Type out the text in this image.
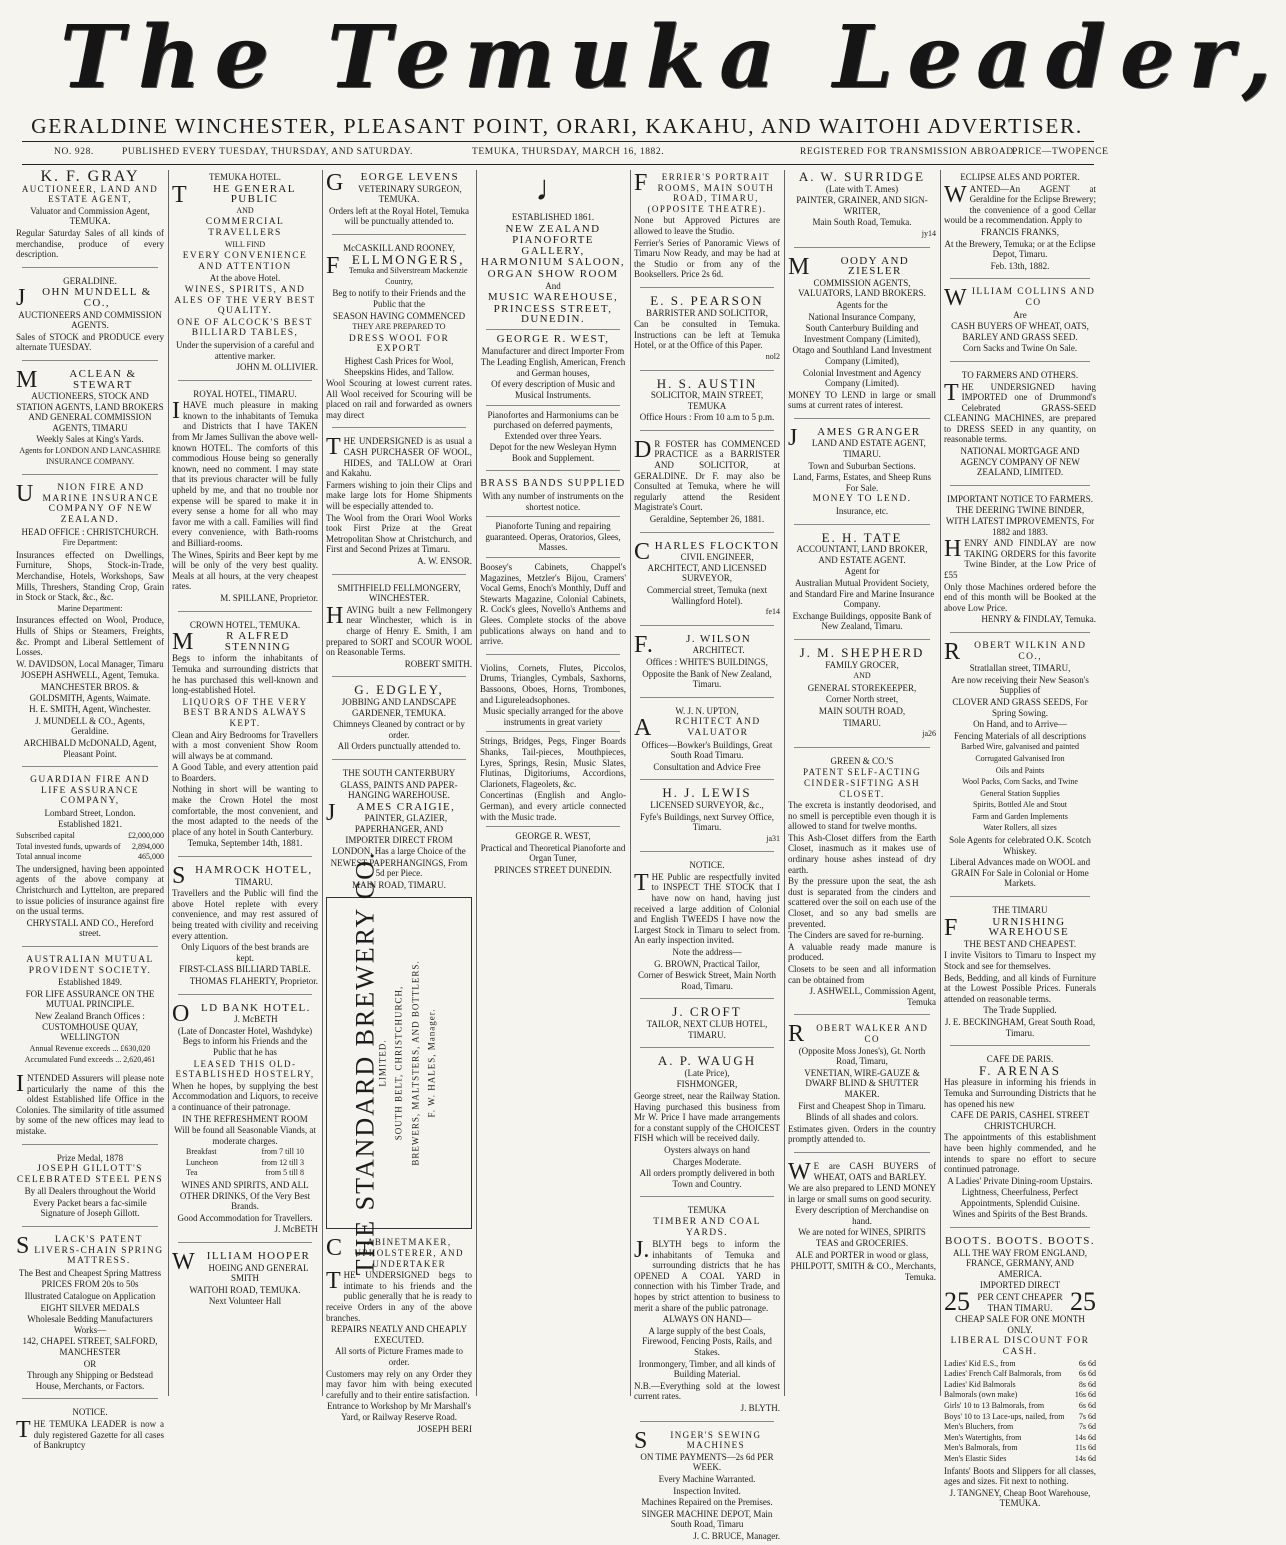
The Temuka Leader,
GERALDINE WINCHESTER, PLEASANT POINT, ORARI, KAKAHU, AND WAITOHI ADVERTISER.
NO. 928.	PUBLISHED EVERY TUESDAY, THURSDAY, AND SATURDAY.	TEMUKA, THURSDAY, MARCH 16, 1882.	REGISTERED FOR TRANSMISSION ABROAD.
PRICE—TWOPENCE

K. F. GRAY

AUCTIONEER, LAND AND ESTATE AGENT,

Valuator and Commission Agent, TEMUKA.

Regular Saturday Sales of all kinds of merchandise, produce of every description.

GERALDINE.

JOHN MUNDELL & CO.,

AUCTIONEERS AND COMMISSION AGENTS.

Sales of STOCK and PRODUCE every alternate TUESDAY.

MACLEAN & STEWART

AUCTIONEERS, STOCK AND STATION AGENTS, LAND BROKERS AND GENERAL COMMISSION AGENTS, TIMARU

Weekly Sales at King's Yards.

Agents for LONDON AND LANCASHIRE INSURANCE COMPANY.

UNION FIRE AND MARINE INSURANCE COMPANY OF NEW ZEALAND.

HEAD OFFICE : CHRISTCHURCH.

Fire Department:

Insurances effected on Dwellings, Furniture, Shops, Stock-in-Trade, Merchandise, Hotels, Workshops, Saw Mills, Threshers, Standing Crop, Grain in Stock or Stack, &c., &c.

Marine Department:

Insurances effected on Wool, Produce, Hulls of Ships or Steamers, Freights, &c. Prompt and Liberal Settlement of Losses.

W. DAVIDSON, Local Manager, Timaru

JOSEPH ASHWELL, Agent, Temuka.

MANCHESTER BROS. & GOLDSMITH, Agents, Waimate.

H. E. SMITH, Agent, Winchester.

J. MUNDELL & CO., Agents, Geraldine.

ARCHIBALD McDONALD, Agent, Pleasant Point.

GUARDIAN FIRE AND LIFE ASSURANCE COMPANY,

Lombard Street, London.

Established 1821.

Subscribed capital	£2,000,000
Total invested funds, upwards of 2,894,000
Total annual income	465,000

The undersigned, having been appointed agents of the above company at Christchurch and Lyttelton, are prepared to issue policies of insurance against fire on the usual terms.

CHRYSTALL AND CO., Hereford street.

AUSTRALIAN MUTUAL PROVIDENT SOCIETY.

Established 1849.

FOR LIFE ASSURANCE ON THE MUTUAL PRINCIPLE.

New Zealand Branch Offices : CUSTOMHOUSE QUAY, WELLINGTON

Annual Revenue exceeds ... £630,020

Accumulated Fund exceeds ... 2,620,461

INTENDED Assurers will please note particularly the name of this the oldest Established life Office in the Colonies. The similarity of title assumed by some of the new offices may lead to mistake.

Prize Medal, 1878

JOSEPH GILLOTT'S CELEBRATED STEEL PENS

By all Dealers throughout the World

Every Packet bears a fac-simile Signature of Joseph Gillott.

SLACK'S PATENT LIVERS-CHAIN SPRING MATTRESS.

The Best and Cheapest Spring Mattress

PRICES FROM 20s to 50s

Illustrated Catalogue on Application

EIGHT SILVER MEDALS

Wholesale Bedding Manufacturers Works—

142, CHAPEL STREET, SALFORD, MANCHESTER

OR

Through any Shipping or Bedstead House, Merchants, or Factors.

NOTICE.

THE TEMUKA LEADER is now a duly registered Gazette for all cases of Bankruptcy

TEMUKA HOTEL.

THE GENERAL PUBLIC

AND

COMMERCIAL TRAVELLERS

WILL FIND

EVERY CONVENIENCE AND ATTENTION

At the above Hotel.

WINES, SPIRITS, AND ALES OF THE VERY BEST QUALITY.

ONE OF ALCOCK'S BEST BILLIARD TABLES,

Under the supervision of a careful and attentive marker.

JOHN M. OLLIVIER.

ROYAL HOTEL, TIMARU.

IHAVE much pleasure in making known to the inhabitants of Temuka and Districts that I have TAKEN from Mr James Sullivan the above well-known HOTEL. The comforts of this commodious House being so generally known, need no comment. I may state that its previous character will be fully upheld by me, and that no trouble nor expense will be spared to make it in every sense a home for all who may favor me with a call. Families will find every convenience, with Bath-rooms and Billiard-rooms.

The Wines, Spirits and Beer kept by me will be only of the very best quality. Meals at all hours, at the very cheapest rates.

M. SPILLANE, Proprietor.

CROWN HOTEL, TEMUKA.

MR ALFRED STENNING

Begs to inform the inhabitants of Temuka and surrounding districts that he has purchased this well-known and long-established Hotel.

LIQUORS OF THE VERY BEST BRANDS ALWAYS KEPT.

Clean and Airy Bedrooms for Travellers with a most convenient Show Room will always be at command.

A Good Table, and every attention paid to Boarders.

Nothing in short will be wanting to make the Crown Hotel the most comfortable, the most convenient, and the most adapted to the needs of the place of any hotel in South Canterbury.

Temuka, September 14th, 1881.

SHAMROCK HOTEL,

TIMARU.

Travellers and the Public will find the above Hotel replete with every convenience, and may rest assured of being treated with civility and receiving every attention.

Only Liquors of the best brands are kept.

FIRST-CLASS BILLIARD TABLE.

THOMAS FLAHERTY, Proprietor.

OLD BANK HOTEL.

J. McBETH

(Late of Doncaster Hotel, Washdyke) Begs to inform his Friends and the Public that he has

LEASED THIS OLD-ESTABLISHED HOSTELRY,

When he hopes, by supplying the best Accommodation and Liquors, to receive a continuance of their patronage.

IN THE REFRESHMENT ROOM

Will be found all Seasonable Viands, at moderate charges.

Breakfast	from 7 till 10
Luncheon	from 12 till 3
Tea	from 5 till 8

WINES AND SPIRITS, AND ALL OTHER DRINKS, Of the Very Best Brands.

Good Accommodation for Travellers.

J. McBETH

WILLIAM HOOPER

HOEING AND GENERAL SMITH

WAITOHI ROAD, TEMUKA.

Next Volunteer Hall

GEORGE LEVENS

VETERINARY SURGEON, TEMUKA.

Orders left at the Royal Hotel, Temuka will be punctually attended to.

McCASKILL AND ROONEY,

FELLMONGERS,

Temuka and Silverstream Mackenzie Country,

Beg to notify to their Friends and the Public that the

SEASON HAVING COMMENCED

THEY ARE PREPARED TO

DRESS WOOL FOR EXPORT

Highest Cash Prices for Wool, Sheepskins Hides, and Tallow.

Wool Scouring at lowest current rates. All Wool received for Scouring will be placed on rail and forwarded as owners may direct

THE UNDERSIGNED is as usual a CASH PURCHASER OF WOOL, HIDES, and TALLOW at Orari and Kakahu.

Farmers wishing to join their Clips and make large lots for Home Shipments will be especially attended to.

The Wool from the Orari Wool Works took First Prize at the Great Metropolitan Show at Christchurch, and First and Second Prizes at Timaru.

A. W. ENSOR.

SMITHFIELD FELLMONGERY, WINCHESTER.

HAVING built a new Fellmongery near Winchester, which is in charge of Henry E. Smith, I am prepared to SORT and SCOUR WOOL on Reasonable Terms.

ROBERT SMITH.

G. EDGLEY,

JOBBING AND LANDSCAPE GARDENER, TEMUKA.

Chimneys Cleaned by contract or by order.

All Orders punctually attended to.

THE SOUTH CANTERBURY

GLASS, PAINTS AND PAPER-HANGING WAREHOUSE.

JAMES CRAIGIE,

PAINTER, GLAZIER, PAPERHANGER, AND

IMPORTER DIRECT FROM LONDON, Has a large Choice of the

NEWEST PAPERHANGINGS, From 5d per Piece.

MAIN ROAD, TIMARU.

THE STANDARD BREWERY CO.
LIMITED. SOUTH BELT, CHRISTCHURCH, BREWERS, MALTSTERS, AND BOTTLERS. F. W. HALES, Manager.

CABINETMAKER, UPHOLSTERER, AND UNDERTAKER

THE UNDERSIGNED begs to intimate to his friends and the public generally that he is ready to receive Orders in any of the above branches.

REPAIRS NEATLY AND CHEAPLY EXECUTED.

All sorts of Picture Frames made to order.

Customers may rely on any Order they may favor him with being executed carefully and to their entire satisfaction.

Entrance to Workshop by Mr Marshall's Yard, or Railway Reserve Road.

JOSEPH BERI

♩

ESTABLISHED 1861.

NEW ZEALAND

PIANOFORTE GALLERY,

HARMONIUM SALOON,

ORGAN SHOW ROOM

And

MUSIC WAREHOUSE,

PRINCESS STREET, DUNEDIN.

GEORGE R. WEST,

Manufacturer and direct Importer From

The Leading English, American, French and German houses,

Of every description of Music and Musical Instruments.

Pianofortes and Harmoniums can be purchased on deferred payments, Extended over three Years.

Depot for the new Wesleyan Hymn Book and Supplement.

BRASS BANDS SUPPLIED

With any number of instruments on the shortest notice.

Pianoforte Tuning and repairing guaranteed. Operas, Oratorios, Glees, Masses.

Boosey's Cabinets, Chappel's Magazines, Metzler's Bijou, Cramers' Vocal Gems, Enoch's Monthly, Duff and Stewarts Magazine, Colonial Cabinets, R. Cock's glees, Novello's Anthems and Glees. Complete stocks of the above publications always on hand and to arrive.

Violins, Cornets, Flutes, Piccolos, Drums, Triangles, Cymbals, Saxhorns, Bassoons, Oboes, Horns, Trombones, and Ligureleadsophones.

Music specially arranged for the above instruments in great variety

Strings, Bridges, Pegs, Finger Boards Shanks, Tail-pieces, Mouthpieces, Lyres, Springs, Resin, Music Slates, Flutinas, Digitoriums, Accordions, Clarionets, Flageolets, &c.

Concertinas (English and Anglo-German), and every article connected with the Music trade.

GEORGE R. WEST,

Practical and Theoretical Pianoforte and Organ Tuner,

PRINCES STREET DUNEDIN.

FERRIER'S PORTRAIT ROOMS, MAIN SOUTH ROAD, TIMARU, (OPPOSITE THEATRE).

None but Approved Pictures are allowed to leave the Studio.

Ferrier's Series of Panoramic Views of Timaru Now Ready, and may be had at the Studio or from any of the Booksellers. Price 2s 6d.

E. S. PEARSON

BARRISTER AND SOLICITOR,

Can be consulted in Temuka. Instructions can be left at Temuka Hotel, or at the Office of this Paper.

nol2

H. S. AUSTIN

SOLICITOR, MAIN STREET, TEMUKA

Office Hours : From 10 a.m to 5 p.m.

DR FOSTER has COMMENCED PRACTICE as a BARRISTER AND SOLICITOR, at GERALDINE. Dr F. may also be Consulted at Temuka, where he will regularly attend the Resident Magistrate's Court.

Geraldine, September 26, 1881.

CHARLES FLOCKTON

CIVIL ENGINEER, ARCHITECT, AND LICENSED SURVEYOR,

Commercial street, Temuka (next Wallingford Hotel).

fe14

F.J. WILSON

ARCHITECT.

Offices : WHITE'S BUILDINGS,

Opposite the Bank of New Zealand, Timaru.

W. J. N. UPTON,

ARCHITECT AND VALUATOR

Offices—Bowker's Buildings, Great South Road Timaru.

Consultation and Advice Free

H. J. LEWIS

LICENSED SURVEYOR, &c.,

Fyfe's Buildings, next Survey Office, Timaru.

ja31

NOTICE.

THE Public are respectfully invited to INSPECT THE STOCK that I have now on hand, having just received a large addition of Colonial and English TWEEDS I have now the Largest Stock in Timaru to select from. An early inspection invited.

Note the address—

G. BROWN, Practical Tailor,

Corner of Beswick Street, Main North Road, Timaru.

J. CROFT

TAILOR, NEXT CLUB HOTEL, TIMARU.

A. P. WAUGH

(Late Price),

FISHMONGER,

George street, near the Railway Station. Having purchased this business from Mr W. Price I have made arrangements for a constant supply of the CHOICEST FISH which will be received daily.

Oysters always on hand

Charges Moderate.

All orders promptly delivered in both Town and Country.

TEMUKA

TIMBER AND COAL YARDS.

J.BLYTH begs to inform the inhabitants of Temuka and surrounding districts that he has OPENED A COAL YARD in connection with his Timber Trade, and hopes by strict attention to business to merit a share of the public patronage.

ALWAYS ON HAND—

A large supply of the best Coals, Firewood, Fencing Posts, Rails, and Stakes.

Ironmongery, Timber, and all kinds of Building Material.

N.B.—Everything sold at the lowest current rates.

J. BLYTH.

SINGER'S SEWING MACHINES

ON TIME PAYMENTS—2s 6d PER WEEK.

Every Machine Warranted.

Inspection Invited.

Machines Repaired on the Premises.

SINGER MACHINE DEPOT, Main South Road, Timaru

J. C. BRUCE, Manager.

A. W. SURRIDGE

(Late with T. Ames)

PAINTER, GRAINER, AND SIGN-WRITER,

Main South Road, Temuka.

jy14

MOODY AND ZIESLER

COMMISSION AGENTS, VALUATORS, LAND BROKERS.

Agents for the

National Insurance Company,

South Canterbury Building and Investment Company (Limited),

Otago and Southland Land Investment Company (Limited),

Colonial Investment and Agency Company (Limited).

MONEY TO LEND in large or small sums at current rates of interest.

JAMES GRANGER

LAND AND ESTATE AGENT, TIMARU.

Town and Suburban Sections.

Land, Farms, Estates, and Sheep Runs For Sale.

MONEY TO LEND.

Insurance, etc.

E. H. TATE

ACCOUNTANT, LAND BROKER, AND ESTATE AGENT.

Agent for

Australian Mutual Provident Society, and Standard Fire and Marine Insurance Company.

Exchange Buildings, opposite Bank of New Zealand, Timaru.

J. M. SHEPHERD

FAMILY GROCER,

AND

GENERAL STOREKEEPER,

Corner North street,

MAIN SOUTH ROAD,

TIMARU.

ja26

GREEN & CO.'S

PATENT SELF-ACTING CINDER-SIFTING ASH CLOSET.

The excreta is instantly deodorised, and no smell is perceptible even though it is allowed to stand for twelve months.

This Ash-Closet differs from the Earth Closet, inasmuch as it makes use of ordinary house ashes instead of dry earth.

By the pressure upon the seat, the ash dust is separated from the cinders and scattered over the soil on each use of the Closet, and so any bad smells are prevented.

The Cinders are saved for re-burning.

A valuable ready made manure is produced.

Closets to be seen and all information can be obtained from

J. ASHWELL, Commission Agent, Temuka

ROBERT WALKER AND CO

(Opposite Moss Jones's), Gt. North Road, Timaru,

VENETIAN, WIRE-GAUZE & DWARF BLIND & SHUTTER MAKER.

First and Cheapest Shop in Timaru.

Blinds of all shades and colors.

Estimates given. Orders in the country promptly attended to.

WE are CASH BUYERS of WHEAT, OATS and BARLEY.

We are also prepared to LEND MONEY in large or small sums on good security.

Every description of Merchandise on hand.

We are noted for WINES, SPIRITS TEAS and GROCERIES.

ALE and PORTER in wood or glass,

PHILPOTT, SMITH & CO., Merchants, Temuka.

ECLIPSE ALES AND PORTER.

WANTED—An AGENT at Geraldine for the Eclipse Brewery; the convenience of a good Cellar would be a recommendation. Apply to

FRANCIS FRANKS,

At the Brewery, Temuka; or at the Eclipse Depot, Timaru.

Feb. 13th, 1882.

WILLIAM COLLINS AND CO

Are

CASH BUYERS OF WHEAT, OATS, BARLEY AND GRASS SEED.

Corn Sacks and Twine On Sale.

TO FARMERS AND OTHERS.

THE UNDERSIGNED having IMPORTED one of Drummond's Celebrated GRASS-SEED CLEANING MACHINES, are prepared to DRESS SEED in any quantity, on reasonable terms.

NATIONAL MORTGAGE AND AGENCY COMPANY OF NEW ZEALAND, LIMITED.

IMPORTANT NOTICE TO FARMERS.

THE DEERING TWINE BINDER, WITH LATEST IMPROVEMENTS, For 1882 and 1883.

HENRY AND FINDLAY are now TAKING ORDERS for this favorite Twine Binder, at the Low Price of £55

Only those Machines ordered before the end of this month will be Booked at the above Low Price.

HENRY & FINDLAY, Temuka.

ROBERT WILKIN AND CO.,

Stratlallan street, TIMARU,

Are now receiving their New Season's Supplies of

CLOVER AND GRASS SEEDS, For Spring Sowing.

On Hand, and to Arrive—

Fencing Materials of all descriptions

Barbed Wire, galvanised and painted

Corrugated Galvanised Iron

Oils and Paints

Wool Packs, Corn Sacks, and Twine

General Station Supplies

Spirits, Bottled Ale and Stout

Farm and Garden Implements

Water Rollers, all sizes

Sole Agents for celebrated O.K. Scotch Whiskey.

Liberal Advances made on WOOL and GRAIN For Sale in Colonial or Home Markets.

THE TIMARU

FURNISHING WAREHOUSE

THE BEST AND CHEAPEST.

I invite Visitors to Timaru to Inspect my Stock and see for themselves.

Beds, Bedding, and all kinds of Furniture at the Lowest Possible Prices. Funerals attended on reasonable terms.

The Trade Supplied.

J. E. BECKINGHAM, Great South Road, Timaru.

CAFE DE PARIS.

F. ARENAS

Has pleasure in informing his friends in Temuka and Surrounding Districts that he has opened his new

CAFE DE PARIS, CASHEL STREET CHRISTCHURCH.

The appointments of this establishment have been highly commended, and he intends to spare no effort to secure continued patronage.

A Ladies' Private Dining-room Upstairs.

Lightness, Cheerfulness, Perfect Appointments, Splendid Cuisine.

Wines and Spirits of the Best Brands.

BOOTS. BOOTS. BOOTS.

ALL THE WAY FROM ENGLAND, FRANCE, GERMANY, AND AMERICA.

IMPORTED DIRECT

25 PER CENT CHEAPER THAN TIMARU. 25

CHEAP SALE FOR ONE MONTH ONLY.

LIBERAL DISCOUNT FOR CASH.

Ladies' Kid E.S., from	6s 6d
Ladies' French Calf Balmorals, from 6s 6d
Ladies' Kid Balmorals	8s 6d
Balmorals (own make)	16s 6d
Girls' 10 to 13 Balmorals, from	6s 6d
Boys' 10 to 13 Lace-ups, nailed, from 7s 6d
Men's Bluchers, from	7s 6d
Men's Watertights, from	14s 6d
Men's Balmorals, from	11s 6d
Men's Elastic Sides	14s 6d

Infants' Boots and Slippers for all classes, ages and sizes. Fit next to nothing.

J. TANGNEY, Cheap Boot Warehouse, TEMUKA.
